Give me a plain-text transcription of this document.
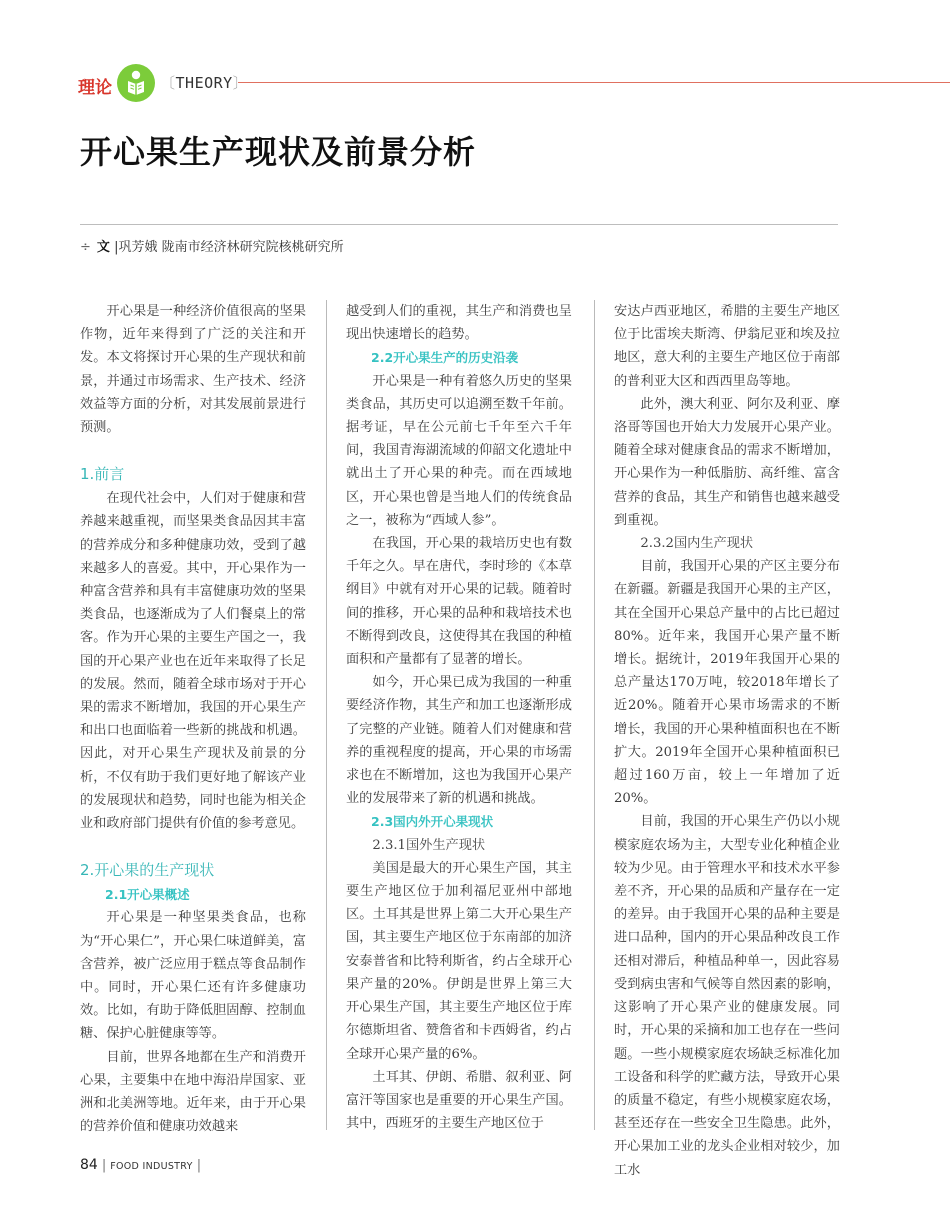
理论	〔THEORY〕
开心果生产现状及前景分析
÷ 文 |巩芳娥 陇南市经济林研究院核桃研究所

开心果是一种经济价值很高的坚果作物，近年来得到了广泛的关注和开发。本文将探讨开心果的生产现状和前景，并通过市场需求、生产技术、经济效益等方面的分析，对其发展前景进行预测。

1.前言

在现代社会中，人们对于健康和营养越来越重视，而坚果类食品因其丰富的营养成分和多种健康功效，受到了越来越多人的喜爱。其中，开心果作为一种富含营养和具有丰富健康功效的坚果类食品，也逐渐成为了人们餐桌上的常客。作为开心果的主要生产国之一，我国的开心果产业也在近年来取得了长足的发展。然而，随着全球市场对于开心果的需求不断增加，我国的开心果生产和出口也面临着一些新的挑战和机遇。因此，对开心果生产现状及前景的分析，不仅有助于我们更好地了解该产业的发展现状和趋势，同时也能为相关企业和政府部门提供有价值的参考意见。

2.开心果的生产现状
2.1开心果概述

开心果是一种坚果类食品，也称为“开心果仁”，开心果仁味道鲜美，富含营养，被广泛应用于糕点等食品制作中。同时，开心果仁还有许多健康功效。比如，有助于降低胆固醇、控制血糖、保护心脏健康等等。

目前，世界各地都在生产和消费开心果，主要集中在地中海沿岸国家、亚洲和北美洲等地。近年来，由于开心果的营养价值和健康功效越来

越受到人们的重视，其生产和消费也呈现出快速增长的趋势。

2.2开心果生产的历史沿袭

开心果是一种有着悠久历史的坚果类食品，其历史可以追溯至数千年前。据考证，早在公元前七千年至六千年间，我国青海湖流域的仰韶文化遗址中就出土了开心果的种壳。而在西域地区，开心果也曾是当地人们的传统食品之一，被称为“西域人参”。

在我国，开心果的栽培历史也有数千年之久。早在唐代，李时珍的《本草纲目》中就有对开心果的记载。随着时间的推移，开心果的品种和栽培技术也不断得到改良，这使得其在我国的种植面积和产量都有了显著的增长。

如今，开心果已成为我国的一种重要经济作物，其生产和加工也逐渐形成了完整的产业链。随着人们对健康和营养的重视程度的提高，开心果的市场需求也在不断增加，这也为我国开心果产业的发展带来了新的机遇和挑战。

2.3国内外开心果现状
2.3.1国外生产现状

美国是最大的开心果生产国，其主要生产地区位于加利福尼亚州中部地区。土耳其是世界上第二大开心果生产国，其主要生产地区位于东南部的加济安泰普省和比特利斯省，约占全球开心果产量的20%。伊朗是世界上第三大开心果生产国，其主要生产地区位于库尔德斯坦省、赞詹省和卡西姆省，约占全球开心果产量的6%。

土耳其、伊朗、希腊、叙利亚、阿富汗等国家也是重要的开心果生产国。其中，西班牙的主要生产地区位于

安达卢西亚地区，希腊的主要生产地区位于比雷埃夫斯湾、伊翁尼亚和埃及拉地区，意大利的主要生产地区位于南部的普利亚大区和西西里岛等地。

此外，澳大利亚、阿尔及利亚、摩洛哥等国也开始大力发展开心果产业。随着全球对健康食品的需求不断增加，开心果作为一种低脂肪、高纤维、富含营养的食品，其生产和销售也越来越受到重视。

2.3.2国内生产现状

目前，我国开心果的产区主要分布在新疆。新疆是我国开心果的主产区，其在全国开心果总产量中的占比已超过80%。近年来，我国开心果产量不断增长。据统计，2019年我国开心果的总产量达170万吨，较2018年增长了近20%。随着开心果市场需求的不断增长，我国的开心果种植面积也在不断扩大。2019年全国开心果种植面积已超过160万亩，较上一年增加了近20%。

目前，我国的开心果生产仍以小规模家庭农场为主，大型专业化种植企业较为少见。由于管理水平和技术水平参差不齐，开心果的品质和产量存在一定的差异。由于我国开心果的品种主要是进口品种，国内的开心果品种改良工作还相对滞后，种植品种单一，因此容易受到病虫害和气候等自然因素的影响，这影响了开心果产业的健康发展。同时，开心果的采摘和加工也存在一些问题。一些小规模家庭农场缺乏标准化加工设备和科学的贮藏方法，导致开心果的质量不稳定，有些小规模家庭农场，甚至还存在一些安全卫生隐患。此外，开心果加工业的龙头企业相对较少，加工水

84 | FOOD INDUSTRY |
